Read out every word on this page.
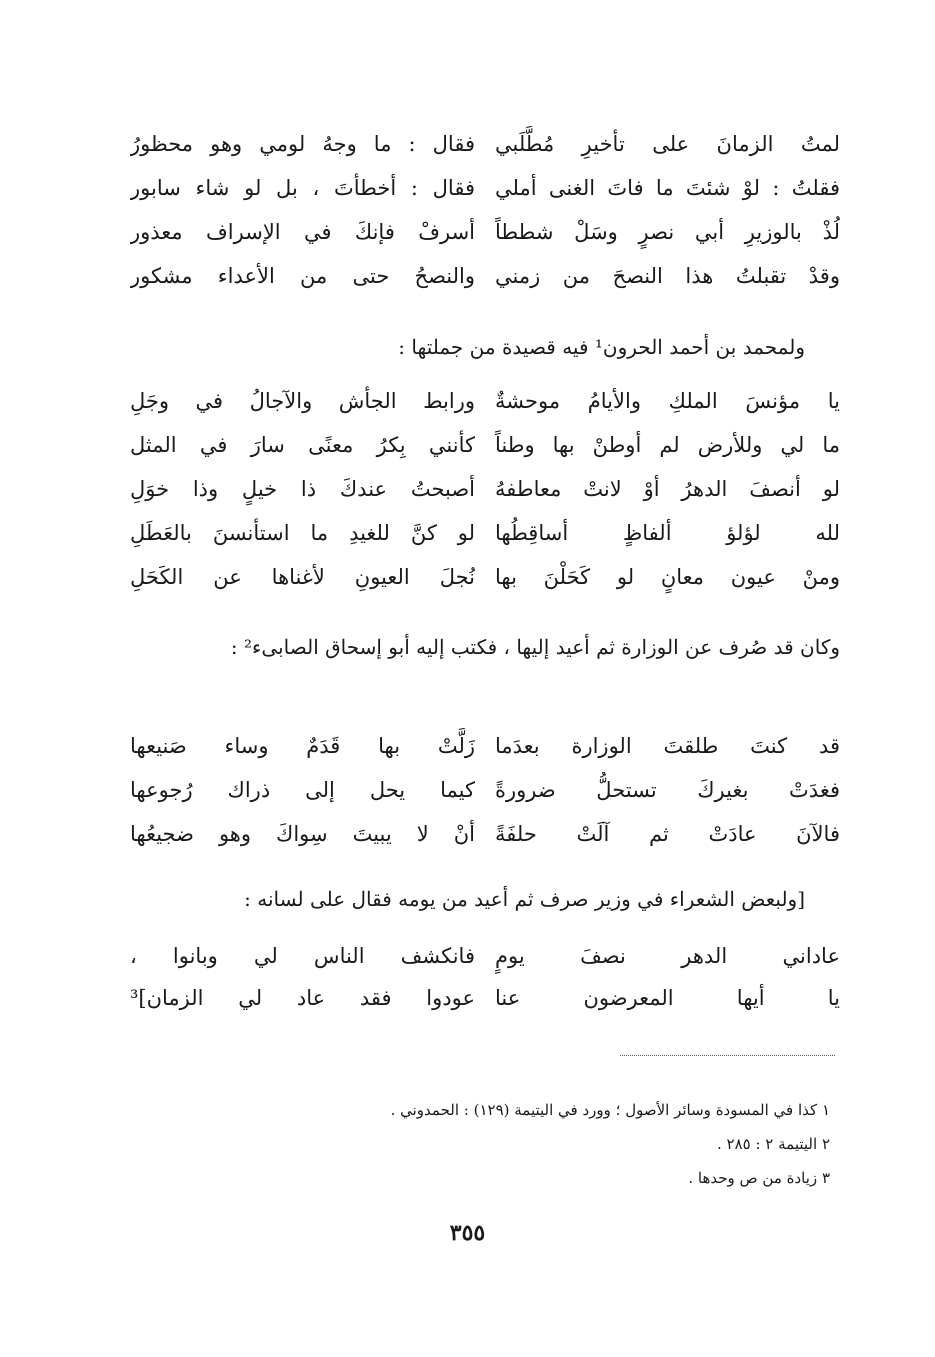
لمتُ الزمانَ على تأخيرِ مُطَّلَبي
فقال : ما وجهُ لومي وهو محظورُ
فقلتُ : لوْ شئتَ ما فاتَ الغنى أملي
فقال : أخطأتَ ، بل لو شاء سابور
لُذْ بالوزيرِ أبي نصرٍ وسَلْ شططاً
أسرفْ فإنكَ في الإسراف معذور
وقدْ تقبلتُ هذا النصحَ من زمني
والنصحُ حتى من الأعداء مشكور
ولمحمد بن أحمد الحرون¹ فيه قصيدة من جملتها :
يا مؤنسَ الملكِ والأيامُ موحشةٌ
ورابط الجأش والآجالُ في وجَلِ
ما لي وللأرض لم أوطنْ بها وطناً
كأنني بِكرُ معنًى سارَ في المثل
لو أنصفَ الدهرُ أوْ لانتْ معاطفهُ
أصبحتُ عندكَ ذا خيلٍ وذا خوَلِ
لله لؤلؤ ألفاظٍ أساقِطُها
لو كنَّ للغيدِ ما استأنسنَ بالعَطَلِ
ومنْ عيون معانٍ لو كَحَلْنَ بها
نُجلَ العيونِ لأغناها عن الكَحَلِ
وكان قد صُرف عن الوزارة ثم أعيد إليها ، فكتب إليه أبو إسحاق الصابىء² :
قد كنتَ طلقتَ الوزارة بعدَما
زَلَّتْ بها قَدَمٌ وساء صَنيعها
فغدَتْ بغيركَ تستحلُّ ضرورةً
كيما يحل إلى ذراك رُجوعها
فالآنَ عادَتْ ثم آلَتْ حلفَةً
أنْ لا يبيتَ سِواكَ وهو ضجيعُها
[ولبعض الشعراء في وزير صرف ثم أعيد من يومه فقال على لسانه :
عاداني الدهر نصفَ يومٍ
فانكشف الناس لي وبانوا ،
يا أيها المعرضون عنا
عودوا فقد عاد لي الزمان]³
١ كذا في المسودة وسائر الأصول ؛ وورد في اليتيمة (١٢٩) : الحمدوني .
٢ اليتيمة ٢ : ٢٨٥ .
٣ زيادة من ص وحدها .
٣٥٥
